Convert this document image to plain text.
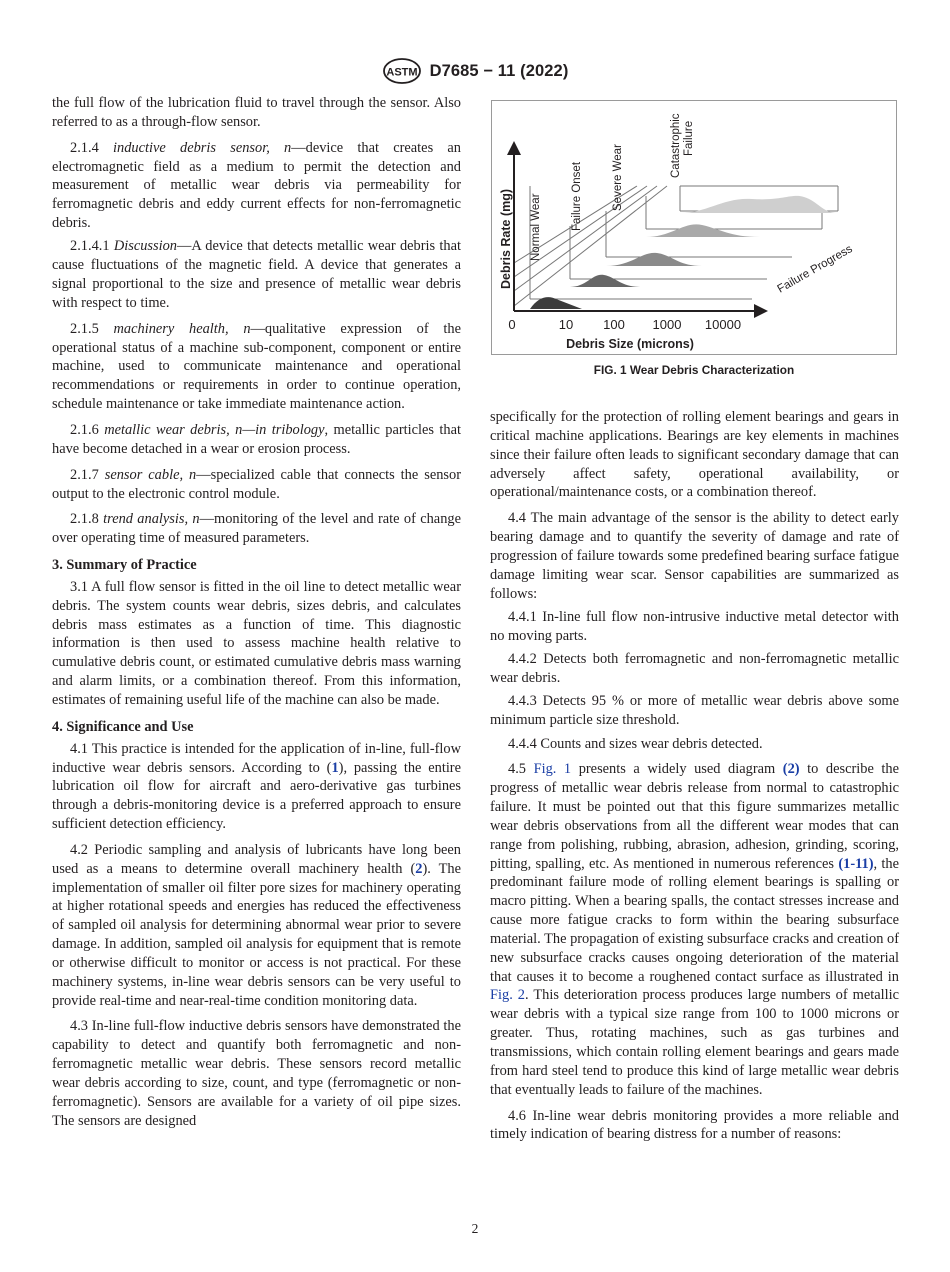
ASTM D7685 − 11 (2022)

the full flow of the lubrication fluid to travel through the sensor. Also referred to as a through-flow sensor.

2.1.4 inductive debris sensor, n—device that creates an electromagnetic field as a medium to permit the detection and measurement of metallic wear debris via permeability for ferromagnetic debris and eddy current effects for non-ferromagnetic debris.

2.1.4.1 Discussion—A device that detects metallic wear debris that cause fluctuations of the magnetic field. A device that generates a signal proportional to the size and presence of metallic wear debris with respect to time.

2.1.5 machinery health, n—qualitative expression of the operational status of a machine sub-component, component or entire machine, used to communicate maintenance and operational recommendations or requirements in order to continue operation, schedule maintenance or take immediate maintenance action.

2.1.6 metallic wear debris, n—in tribology, metallic particles that have become detached in a wear or erosion process.

2.1.7 sensor cable, n—specialized cable that connects the sensor output to the electronic control module.

2.1.8 trend analysis, n—monitoring of the level and rate of change over operating time of measured parameters.

3. Summary of Practice

3.1 A full flow sensor is fitted in the oil line to detect metallic wear debris. The system counts wear debris, sizes debris, and calculates debris mass estimates as a function of time. This diagnostic information is then used to assess machine health relative to cumulative debris count, or estimated cumulative debris mass warning and alarm limits, or a combination thereof. From this information, estimates of remaining useful life of the machine can also be made.

4. Significance and Use

4.1 This practice is intended for the application of in-line, full-flow inductive wear debris sensors. According to (1), passing the entire lubrication oil flow for aircraft and aero-derivative gas turbines through a debris-monitoring device is a preferred approach to ensure sufficient detection efficiency.

4.2 Periodic sampling and analysis of lubricants have long been used as a means to determine overall machinery health (2). The implementation of smaller oil filter pore sizes for machinery operating at higher rotational speeds and energies has reduced the effectiveness of sampled oil analysis for determining abnormal wear prior to severe damage. In addition, sampled oil analysis for equipment that is remote or otherwise difficult to monitor or access is not practical. For these machinery systems, in-line wear debris sensors can be very useful to provide real-time and near-real-time condition monitoring data.

4.3 In-line full-flow inductive debris sensors have demonstrated the capability to detect and quantify both ferromagnetic and non-ferromagnetic metallic wear debris. These sensors record metallic wear debris according to size, count, and type (ferromagnetic or non-ferromagnetic). Sensors are available for a variety of oil pipe sizes. The sensors are designed

0	10 100 1000 10000
Debris Size (microns)
Debris Rate (mg)	Failure Progress
Normal Wear	Failure Onset	Severe Wear	Catastrophic Failure
FIG. 1 Wear Debris Characterization

specifically for the protection of rolling element bearings and gears in critical machine applications. Bearings are key elements in machines since their failure often leads to significant secondary damage that can adversely affect safety, operational availability, or operational/maintenance costs, or a combination thereof.

4.4 The main advantage of the sensor is the ability to detect early bearing damage and to quantify the severity of damage and rate of progression of failure towards some predefined bearing surface fatigue damage limiting wear scar. Sensor capabilities are summarized as follows:

4.4.1 In-line full flow non-intrusive inductive metal detector with no moving parts.

4.4.2 Detects both ferromagnetic and non-ferromagnetic metallic wear debris.

4.4.3 Detects 95 % or more of metallic wear debris above some minimum particle size threshold.

4.4.4 Counts and sizes wear debris detected.

4.5 Fig. 1 presents a widely used diagram (2) to describe the progress of metallic wear debris release from normal to catastrophic failure. It must be pointed out that this figure summarizes metallic wear debris observations from all the different wear modes that can range from polishing, rubbing, abrasion, adhesion, grinding, scoring, pitting, spalling, etc. As mentioned in numerous references (1-11), the predominant failure mode of rolling element bearings is spalling or macro pitting. When a bearing spalls, the contact stresses increase and cause more fatigue cracks to form within the bearing subsurface material. The propagation of existing subsurface cracks and creation of new subsurface cracks causes ongoing deterioration of the material that causes it to become a roughened contact surface as illustrated in Fig. 2. This deterioration process produces large numbers of metallic wear debris with a typical size range from 100 to 1000 microns or greater. Thus, rotating machines, such as gas turbines and transmissions, which contain rolling element bearings and gears made from hard steel tend to produce this kind of large metallic wear debris that eventually leads to failure of the machines.

4.6 In-line wear debris monitoring provides a more reliable and timely indication of bearing distress for a number of reasons:

2
